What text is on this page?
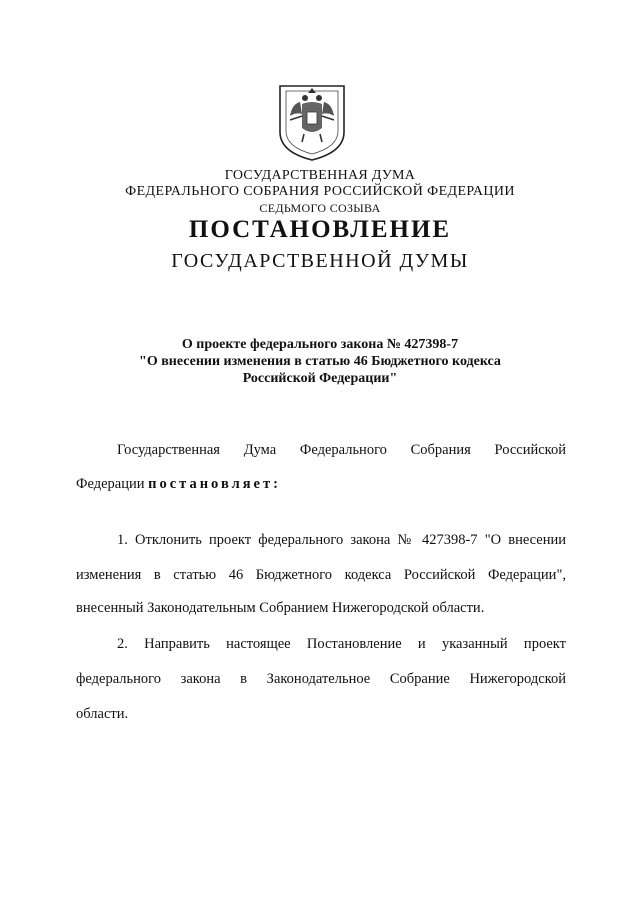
ГОСУДАРСТВЕННАЯ ДУМА
ФЕДЕРАЛЬНОГО СОБРАНИЯ РОССИЙСКОЙ ФЕДЕРАЦИИ
СЕДЬМОГО СОЗЫВА
ПОСТАНОВЛЕНИЕ
ГОСУДАРСТВЕННОЙ ДУМЫ
О проекте федерального закона № 427398-7
"О внесении изменения в статью 46 Бюджетного кодекса
Российской Федерации"
Государственная Дума Федерального Собрания Российской
Федерации постановляет:
1. Отклонить проект федерального закона № 427398-7 "О внесении
изменения в статью 46 Бюджетного кодекса Российской Федерации",
внесенный Законодательным Собранием Нижегородской области.
2. Направить настоящее Постановление и указанный проект
федерального закона в Законодательное Собрание Нижегородской
области.
